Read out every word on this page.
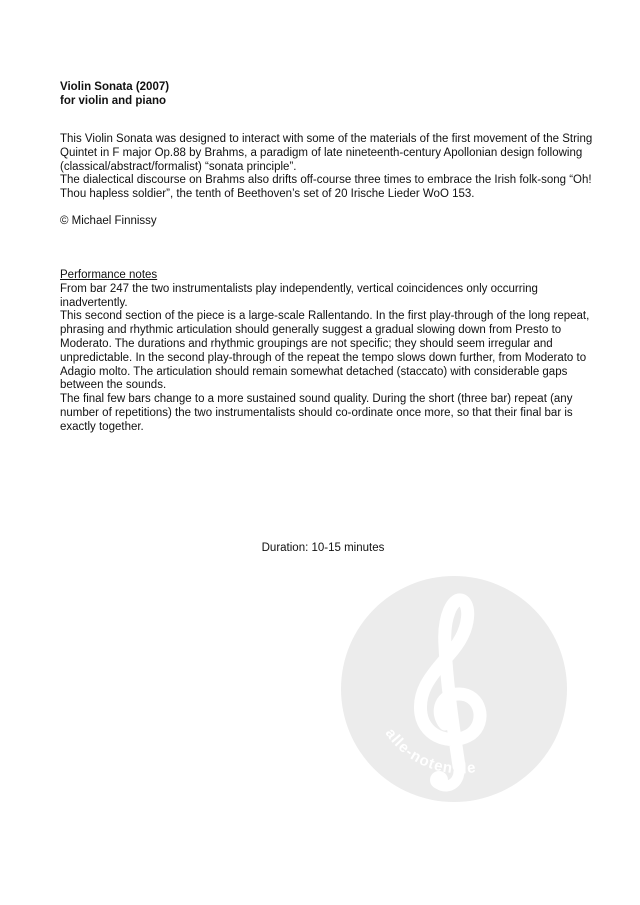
Violin Sonata (2007)
for violin and piano

This Violin Sonata was designed to interact with some of the materials of the first movement of the String Quintet in F major Op.88 by Brahms, a paradigm of late nineteenth-century Apollonian design following (classical/abstract/formalist) “sonata principle”.

The dialectical discourse on Brahms also drifts off-course three times to embrace the Irish folk-song “Oh! Thou hapless soldier”, the tenth of Beethoven’s set of 20 Irische Lieder WoO 153.

© Michael Finnissy

Performance notes

From bar 247 the two instrumentalists play independently, vertical coincidences only occurring inadvertently.

This second section of the piece is a large-scale Rallentando. In the first play-through of the long repeat, phrasing and rhythmic articulation should generally suggest a gradual slowing down from Presto to Moderato. The durations and rhythmic groupings are not specific; they should seem irregular and unpredictable. In the second play-through of the repeat the tempo slows down further, from Moderato to Adagio molto. The articulation should remain somewhat detached (staccato) with considerable gaps between the sounds.

The final few bars change to a more sustained sound quality. During the short (three bar) repeat (any number of repetitions) the two instrumentalists should co-ordinate once more, so that their final bar is exactly together.

Duration: 10-15 minutes
alle-noten.de
